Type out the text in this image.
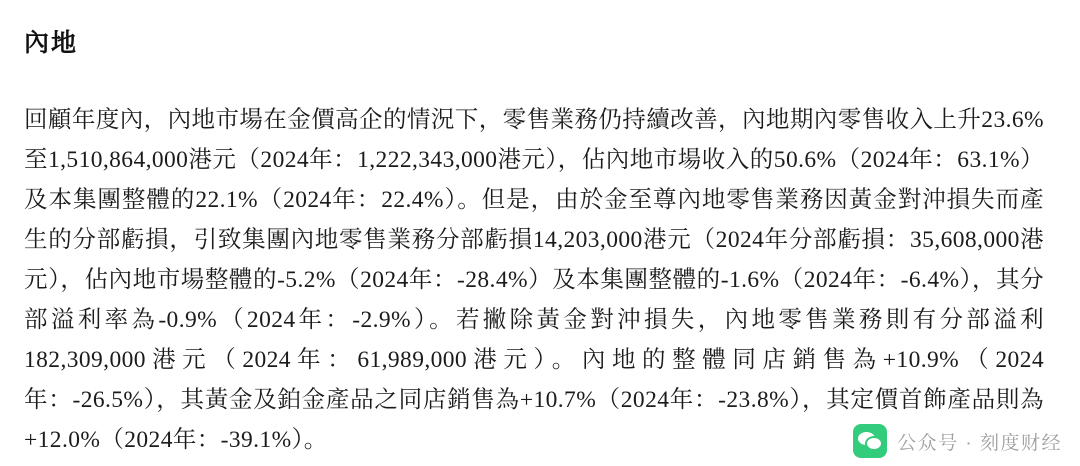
內地

回顧年度內，內地市場在金價高企的情況下，零售業務仍持續改善，內地期內零售收入上升23.6%至1,510,864,000港元（2024年：1,222,343,000港元），佔內地市場收入的50.6%（2024年：63.1%）及本集團整體的22.1%（2024年：22.4%）。但是，由於金至尊內地零售業務因黃金對沖損失而產生的分部虧損，引致集團內地零售業務分部虧損14,203,000港元（2024年分部虧損：35,608,000港元），佔內地市場整體的-5.2%（2024年：-28.4%）及本集團整體的-1.6%（2024年：-6.4%），其分部溢利率為-0.9%（2024年：-2.9%）。若撇除黃金對沖損失，內地零售業務則有分部溢利182,309,000港元（2024年：61,989,000港元）。內地的整體同店銷售為+10.9%（2024年：-26.5%），其黃金及鉑金產品之同店銷售為+10.7%（2024年：-23.8%），其定價首飾產品則為+12.0%（2024年：-39.1%）。	公众号 · 刻度财经
